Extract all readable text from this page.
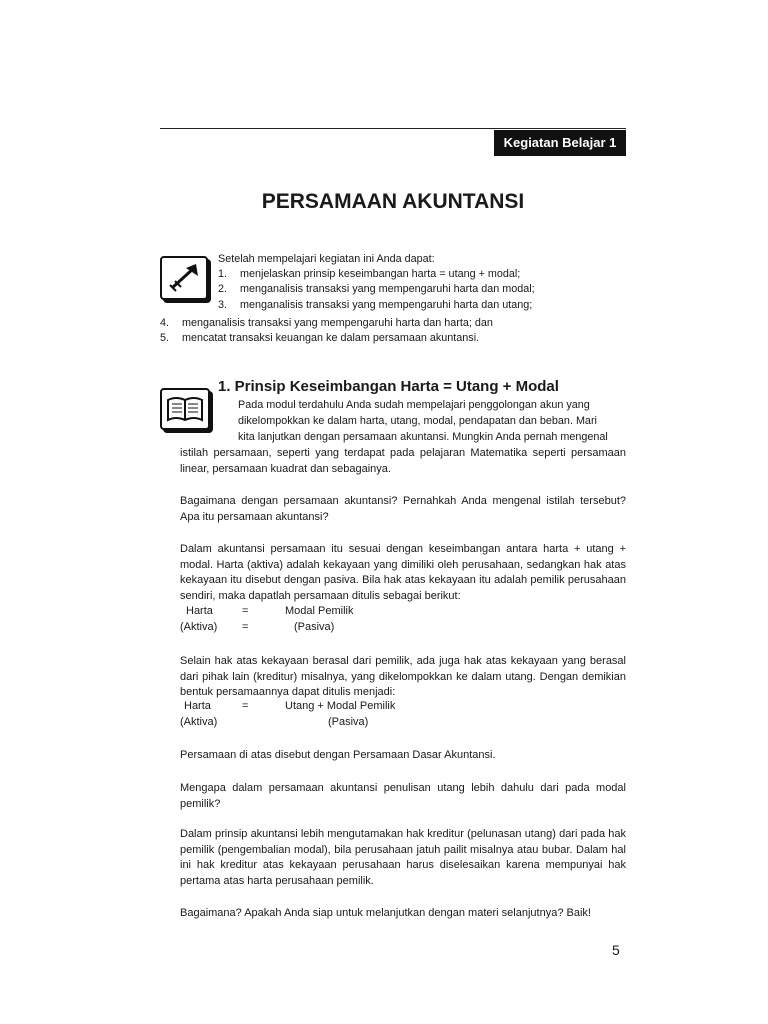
Kegiatan Belajar 1
PERSAMAAN AKUNTANSI
Setelah mempelajari kegiatan ini Anda dapat:
1. menjelaskan prinsip keseimbangan harta = utang + modal;
2. menganalisis transaksi yang mempengaruhi harta dan modal;
3. menganalisis transaksi yang mempengaruhi harta dan utang;
4. menganalisis transaksi yang mempengaruhi harta dan harta; dan
5. mencatat transaksi keuangan ke dalam persamaan akuntansi.
1. Prinsip Keseimbangan Harta = Utang + Modal
Pada modul terdahulu Anda sudah mempelajari penggolongan akun yang
dikelompokkan ke dalam harta, utang, modal, pendapatan dan beban. Mari
kita lanjutkan dengan persamaan akuntansi. Mungkin Anda pernah mengenal
istilah persamaan, seperti yang terdapat pada pelajaran Matematika seperti persamaan linear, persamaan kuadrat dan sebagainya.
Bagaimana dengan persamaan akuntansi? Pernahkah Anda mengenal istilah tersebut? Apa itu persamaan akuntansi?
Dalam akuntansi persamaan itu sesuai dengan keseimbangan antara harta + utang + modal. Harta (aktiva) adalah kekayaan yang dimiliki oleh perusahaan, sedangkan hak atas kekayaan itu disebut dengan pasiva. Bila hak atas kekayaan itu adalah pemilik perusahaan sendiri, maka dapatlah persamaan ditulis sebagai berikut:
Harta	=	Modal Pemilik
(Aktiva) =	(Pasiva)
Selain hak atas kekayaan berasal dari pemilik, ada juga hak atas kekayaan yang berasal dari pihak lain (kreditur) misalnya, yang dikelompokkan ke dalam utang. Dengan demikian bentuk persamaannya dapat ditulis menjadi:
Harta	=	Utang + Modal Pemilik
(Aktiva)	(Pasiva)
Persamaan di atas disebut dengan Persamaan Dasar Akuntansi.
Mengapa dalam persamaan akuntansi penulisan utang lebih dahulu dari pada modal pemilik?
Dalam prinsip akuntansi lebih mengutamakan hak kreditur (pelunasan utang) dari pada hak pemilik (pengembalian modal), bila perusahaan jatuh pailit misalnya atau bubar. Dalam hal ini hak kreditur atas kekayaan perusahaan harus diselesaikan karena mempunyai hak pertama atas harta perusahaan pemilik.
Bagaimana? Apakah Anda siap untuk melanjutkan dengan materi selanjutnya? Baik!
5
